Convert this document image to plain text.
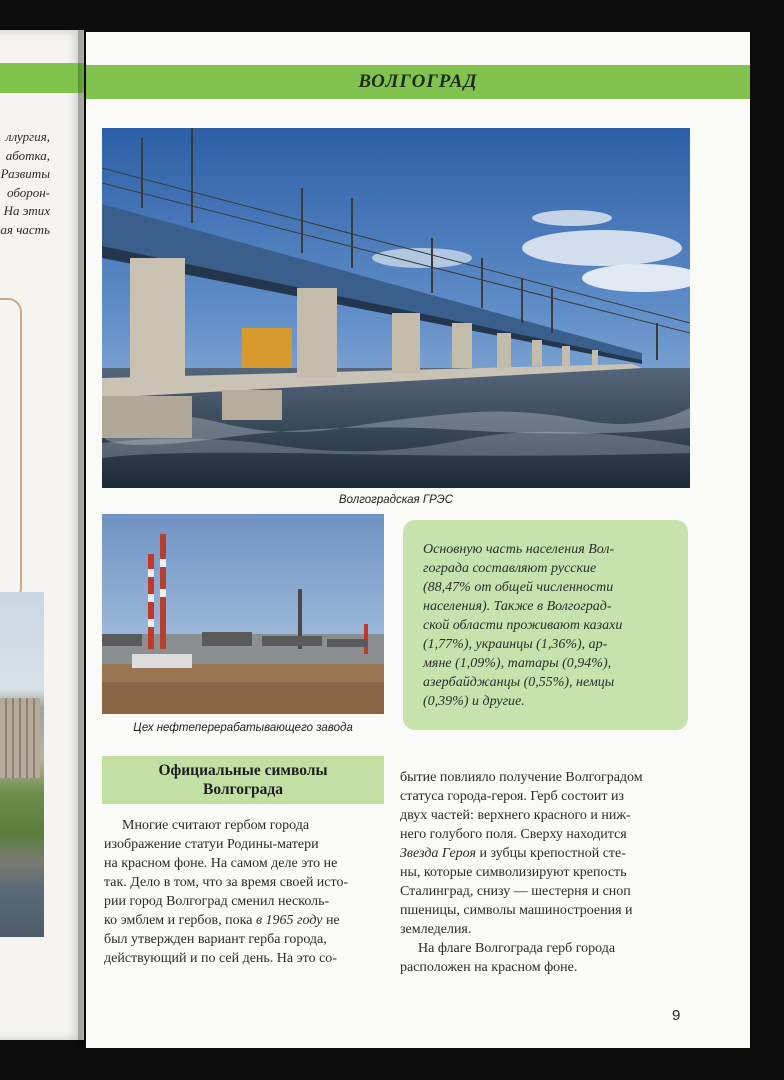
ллургия,
аботка,
Развиты
оборон-
На этих
ая часть
ВОЛГОГРАД
Волгоградская ГРЭС
Цех нефтеперерабатывающего завода
Основную часть населения Вол-
гограда составляют русские
(88,47% от общей численности
населения). Также в Волгоград-
ской области проживают казахи
(1,77%), украинцы (1,36%), ар-
мяне (1,09%), татары (0,94%),
азербайджанцы (0,55%), немцы
(0,39%) и другие.
Официальные символы
Волгограда
Многие считают гербом города
изображение статуи Родины-матери
на красном фоне. На самом деле это не
так. Дело в том, что за время своей исто-
рии город Волгоград сменил несколь-
ко эмблем и гербов, пока в 1965 году не
был утвержден вариант герба города,
действующий и по сей день. На это со-
бытие повлияло получение Волгоградом
статуса города-героя. Герб состоит из
двух частей: верхнего красного и ниж-
него голубого поля. Сверху находится
Звезда Героя и зубцы крепостной сте-
ны, которые символизируют крепость
Сталинград, снизу — шестерня и сноп
пшеницы, символы машиностроения и
земледелия.
На флаге Волгограда герб города
расположен на красном фоне.
9
